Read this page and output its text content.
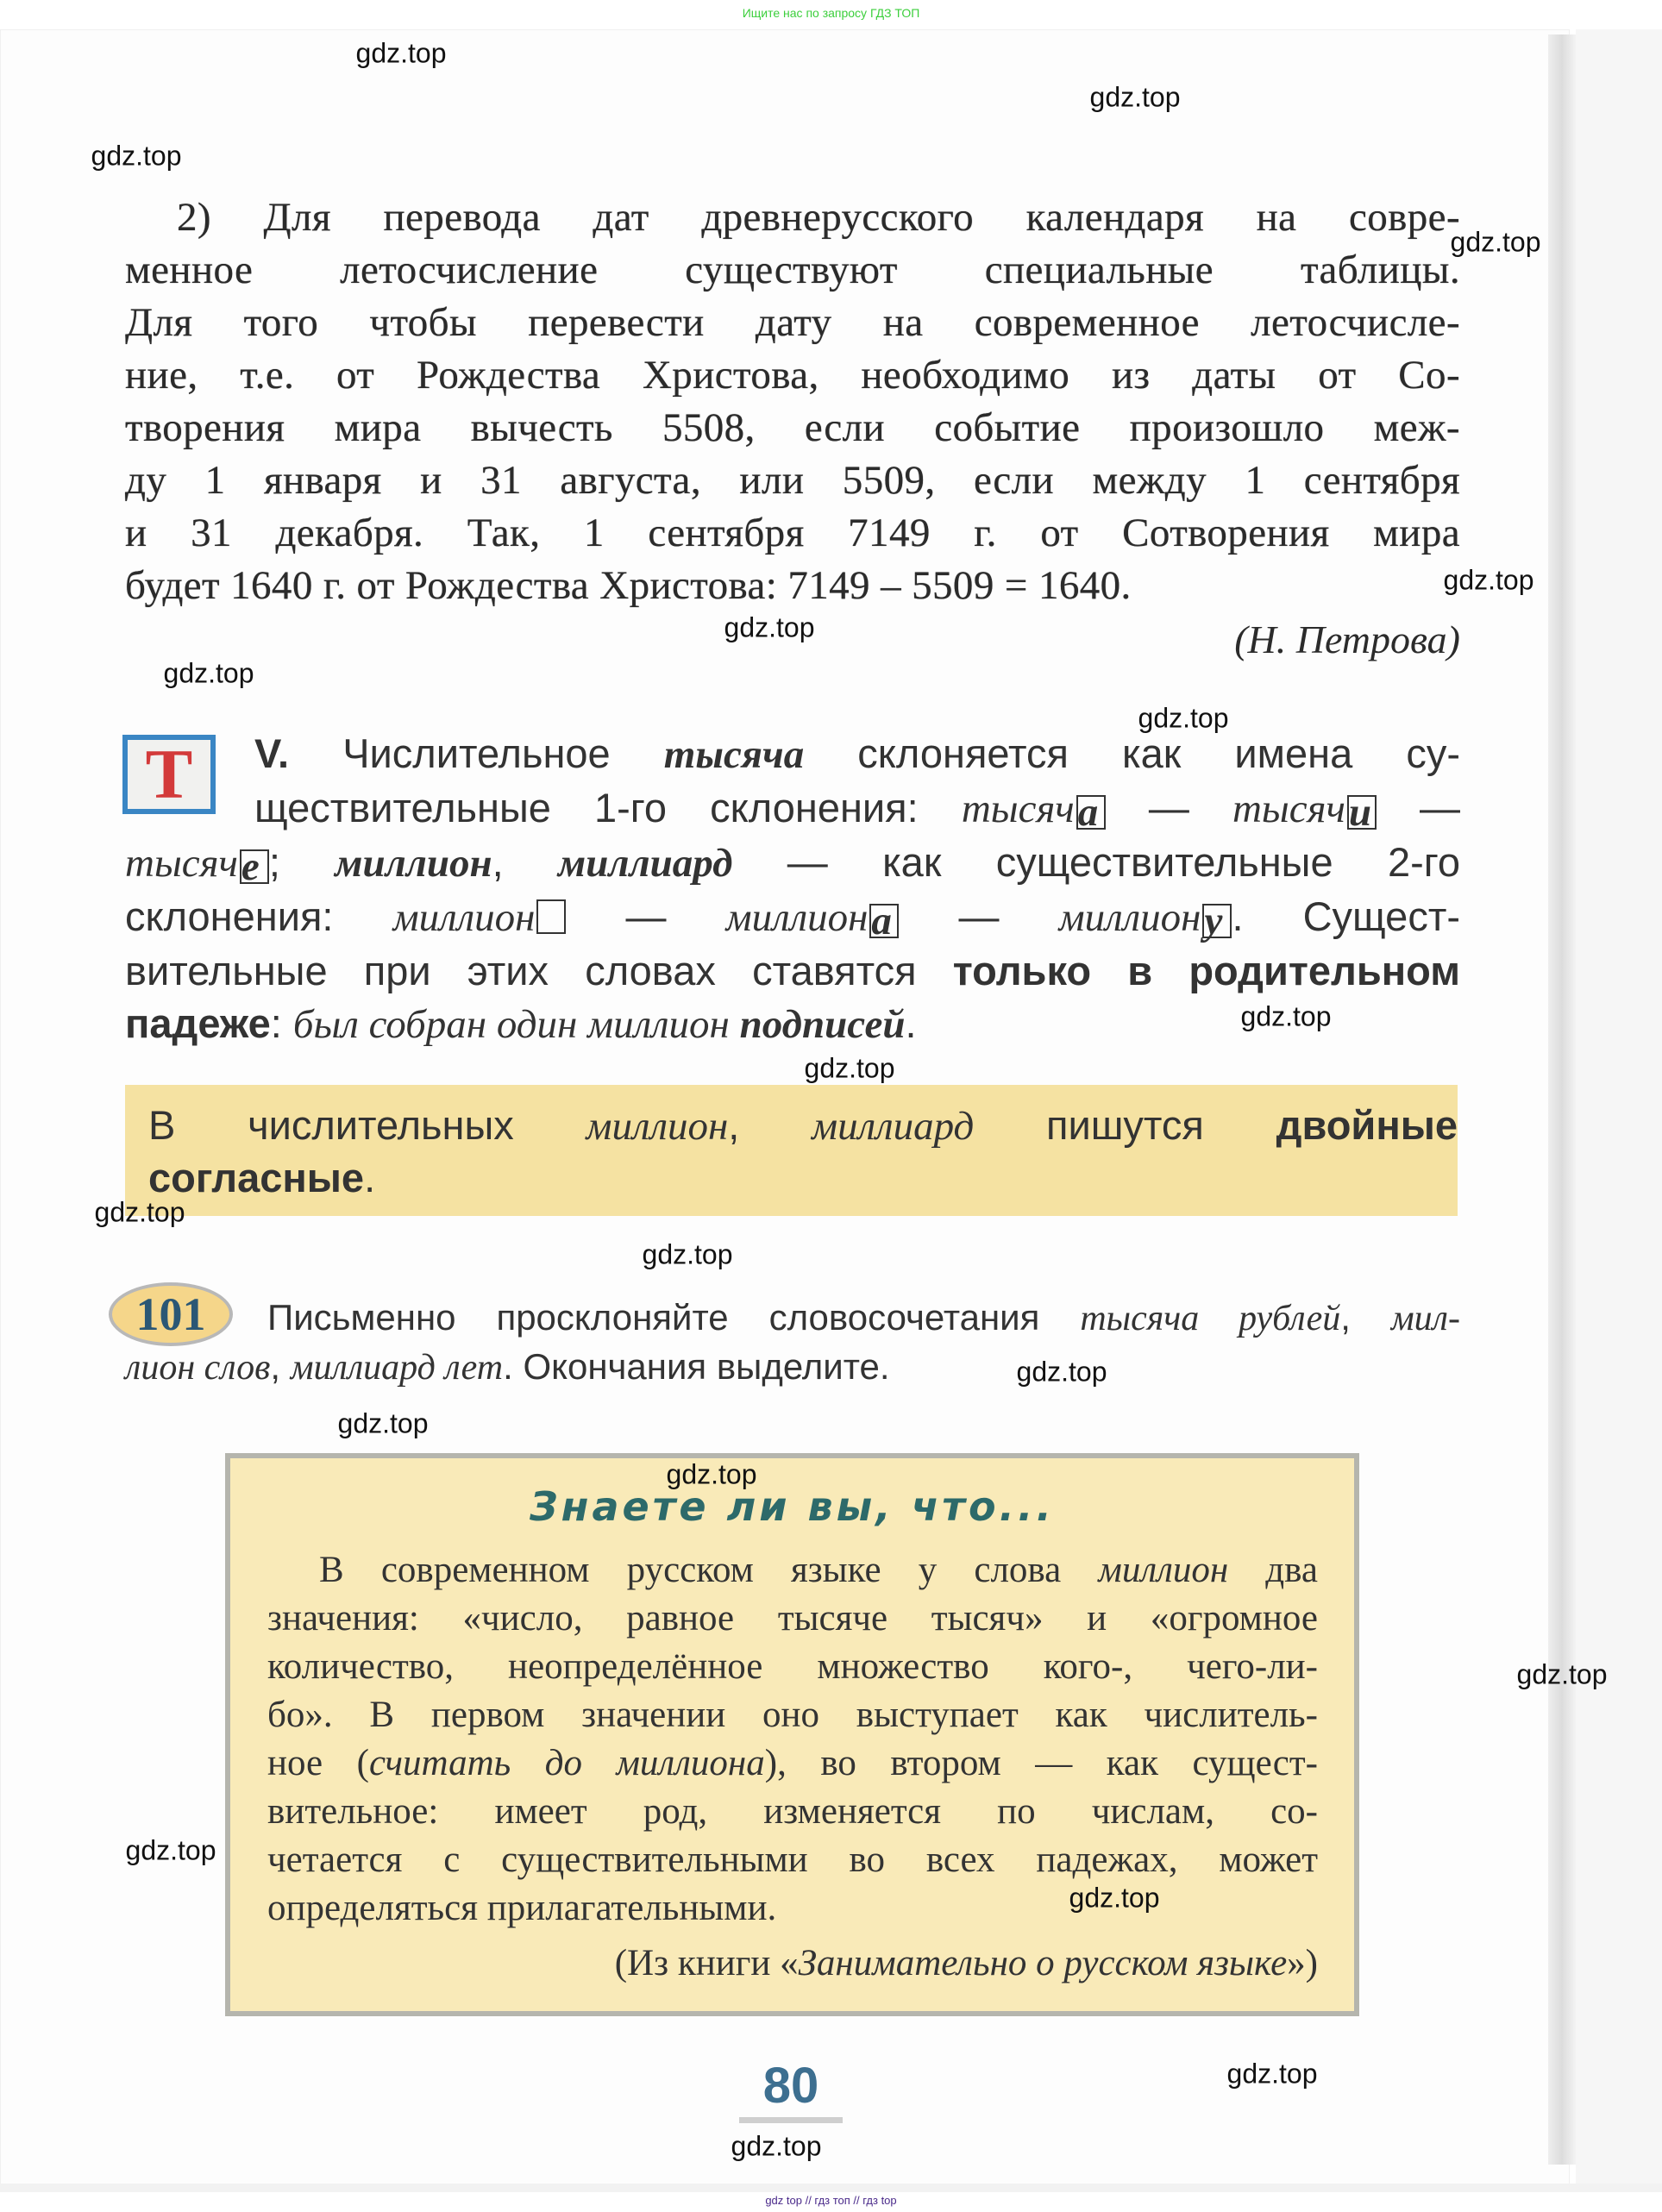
Ищите нас по запросу ГДЗ ТОП
2) Для перевода дат древнерусского календаря на совре-
менное летосчисление существуют специальные таблицы.
Для того чтобы перевести дату на современное летосчисле-
ние, т.е. от Рождества Христова, необходимо из даты от Со-
творения мира вычесть 5508, если событие произошло меж-
ду 1 января и 31 августа, или 5509, если между 1 сентября
и 31 декабря. Так, 1 сентября 7149 г. от Сотворения мира
будет 1640 г. от Рождества Христова: 7149 – 5509 = 1640.
(Н. Петрова)
Т	V. Числительное тысяча склоняется как имена су-
ществительные 1-го склонения: тысяча — тысячи —
тысяче ; миллион, миллиард — как существительные 2-го
склонения: миллион — миллиона — миллиону . Сущест-
вительные при этих словах ставятся только в родительном
падеже: был собран один миллион подписей.
В числительных миллион, миллиард пишутся двойные
согласные.
101	Письменно просклоняйте словосочетания тысяча рублей, мил-
лион слов, миллиард лет. Окончания выделите.
Знаете ли вы, что...
В современном русском языке у слова миллион два
значения: «число, равное тысяче тысяч» и «огромное
количество, неопределённое множество кого-, чего-ли-
бо». В первом значении оно выступает как числитель-
ное (считать до миллиона), во втором — как сущест-
вительное: имеет род, изменяется по числам, со-
четается с существительными во всех падежах, может
определяться прилагательными.
(Из книги «Занимательно о русском языке»)
80
gdz top // гдз топ // гдз top
gdz.top
gdz.top
gdz.top
gdz.top
gdz.top
gdz.top
gdz.top
gdz.top
gdz.top
gdz.top
gdz.top
gdz.top
gdz.top
gdz.top
gdz.top
gdz.top
gdz.top
gdz.top
gdz.top
gdz.top
